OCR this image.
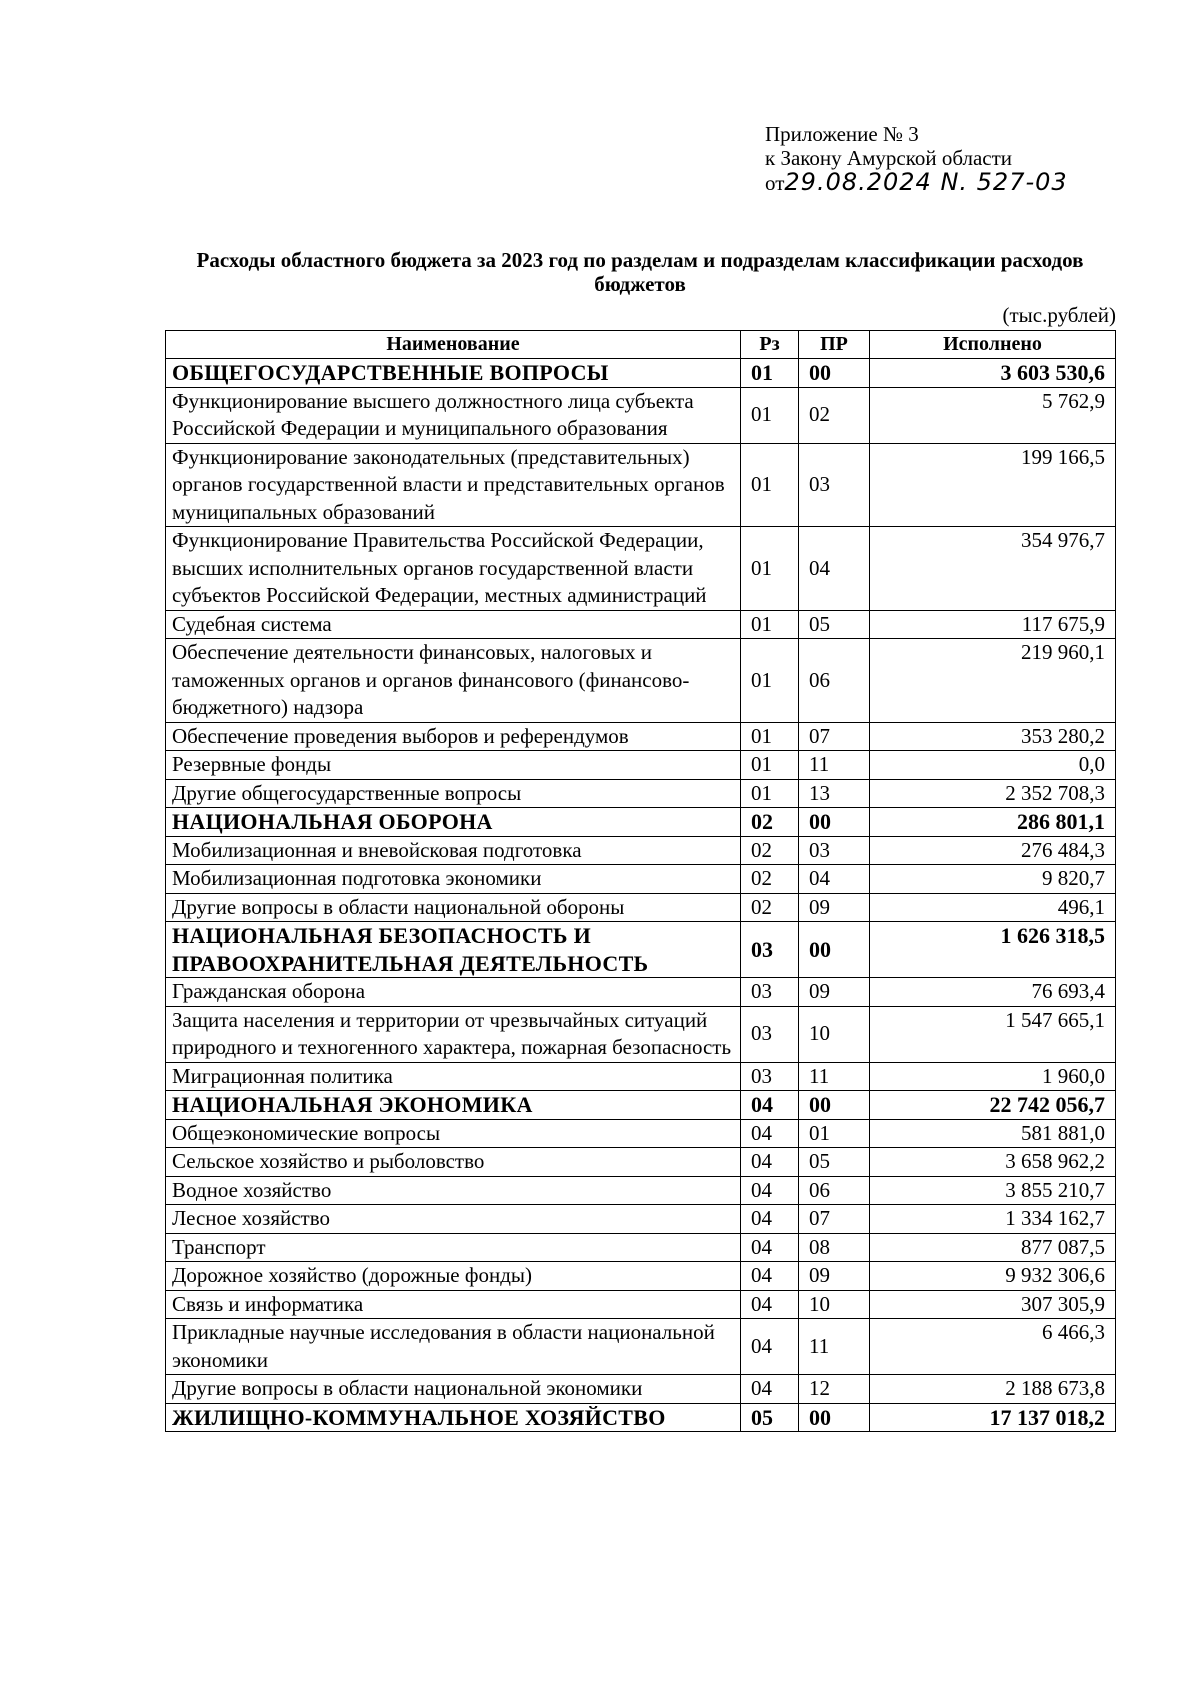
Приложение № 3
к Закону Амурской области
от29.08.2024 N. 527-03
Расходы областного бюджета за 2023 год по разделам и подразделам классификации расходов бюджетов
(тыс.рублей)
Наименование	Рз	ПР	Исполнено
ОБЩЕГОСУДАРСТВЕННЫЕ ВОПРОСЫ	01	00	3 603 530,6
Функционирование высшего должностного лица субъекта Российской Федерации и муниципального образования	01	02	5 762,9
Функционирование законодательных (представительных) органов государственной власти и представительных органов муниципальных образований	01	03	199 166,5
Функционирование Правительства Российской Федерации, высших исполнительных органов государственной власти субъектов Российской Федерации, местных администраций	01	04	354 976,7
Судебная система	01	05	117 675,9
Обеспечение деятельности финансовых, налоговых и таможенных органов и органов финансового (финансово-бюджетного) надзора	01	06	219 960,1
Обеспечение проведения выборов и референдумов	01	07	353 280,2
Резервные фонды	01	11	0,0
Другие общегосударственные вопросы	01	13	2 352 708,3
НАЦИОНАЛЬНАЯ ОБОРОНА	02	00	286 801,1
Мобилизационная и вневойсковая подготовка	02	03	276 484,3
Мобилизационная подготовка экономики	02	04	9 820,7
Другие вопросы в области национальной обороны	02	09	496,1
НАЦИОНАЛЬНАЯ БЕЗОПАСНОСТЬ И ПРАВООХРАНИТЕЛЬНАЯ ДЕЯТЕЛЬНОСТЬ	03	00	1 626 318,5
Гражданская оборона	03	09	76 693,4
Защита населения и территории от чрезвычайных ситуаций природного и техногенного характера, пожарная безопасность	03	10	1 547 665,1
Миграционная политика	03	11	1 960,0
НАЦИОНАЛЬНАЯ ЭКОНОМИКА	04	00	22 742 056,7
Общеэкономические вопросы	04	01	581 881,0
Сельское хозяйство и рыболовство	04	05	3 658 962,2
Водное хозяйство	04	06	3 855 210,7
Лесное хозяйство	04	07	1 334 162,7
Транспорт	04	08	877 087,5
Дорожное хозяйство (дорожные фонды)	04	09	9 932 306,6
Связь и информатика	04	10	307 305,9
Прикладные научные исследования в области национальной экономики	04	11	6 466,3
Другие вопросы в области национальной экономики	04	12	2 188 673,8
ЖИЛИЩНО-КОММУНАЛЬНОЕ ХОЗЯЙСТВО	05	00	17 137 018,2
